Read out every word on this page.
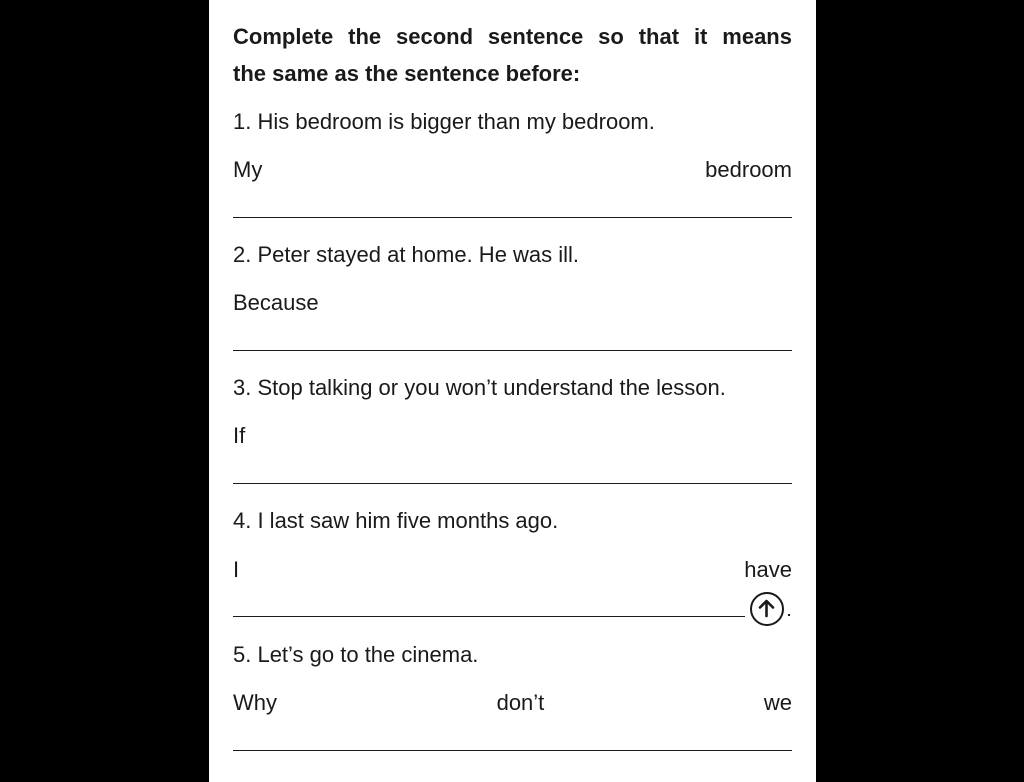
Complete the second sentence so that it means
the same as the sentence before:
1. His bedroom is bigger than my bedroom.
My	bedroom
2. Peter stayed at home. He was ill.
Because
3. Stop talking or you won’t understand the lesson.
If
4. I last saw him five months ago.
I	have
5. Let’s go to the cinema.
Why	don’t	we
